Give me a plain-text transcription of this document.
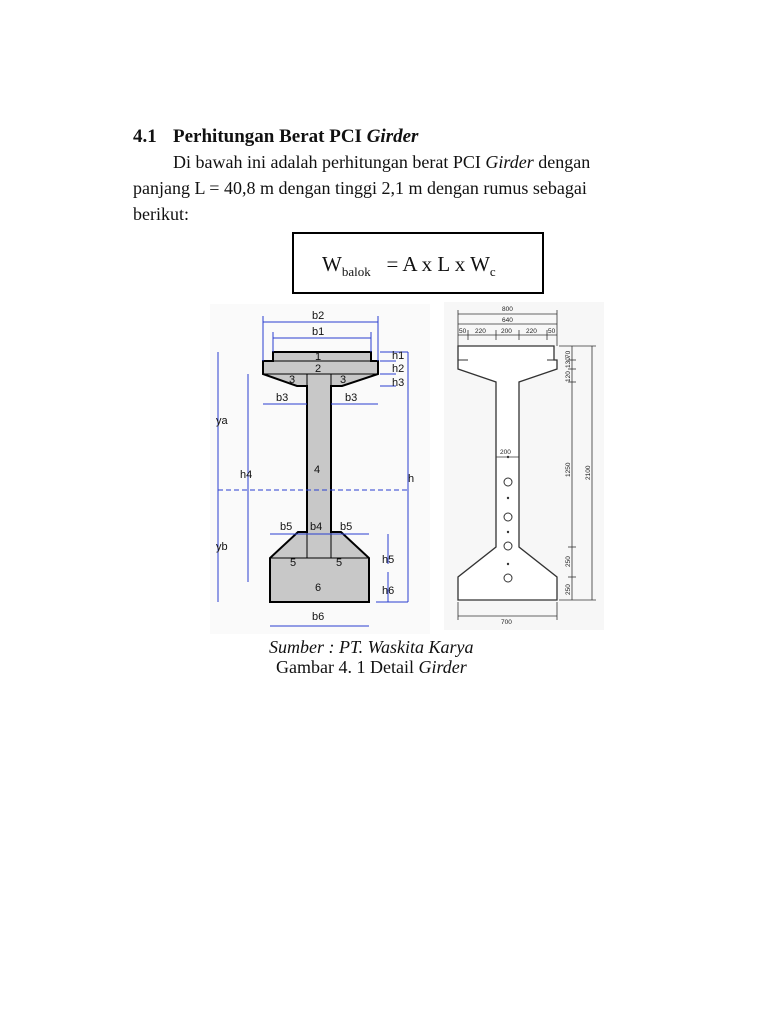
4.1 Perhitungan Berat PCI Girder
Di bawah ini adalah perhitungan berat PCI Girder dengan panjang L = 40,8 m dengan tinggi 2,1 m dengan rumus sebagai berikut:
$W_{balok} = A$ x L x $W_c$
b2
b1
b3	b3
b5 b4 b5
b6
h1
h2
h3
h4
h5
h6
h
ya
yb
1
2
3	3
4
5	5
6
800
640
50 220 200 220 50
200
700
70
130
120
1250 2100
250
250
Sumber : PT. Waskita Karya
Gambar 4. 1 Detail Girder
